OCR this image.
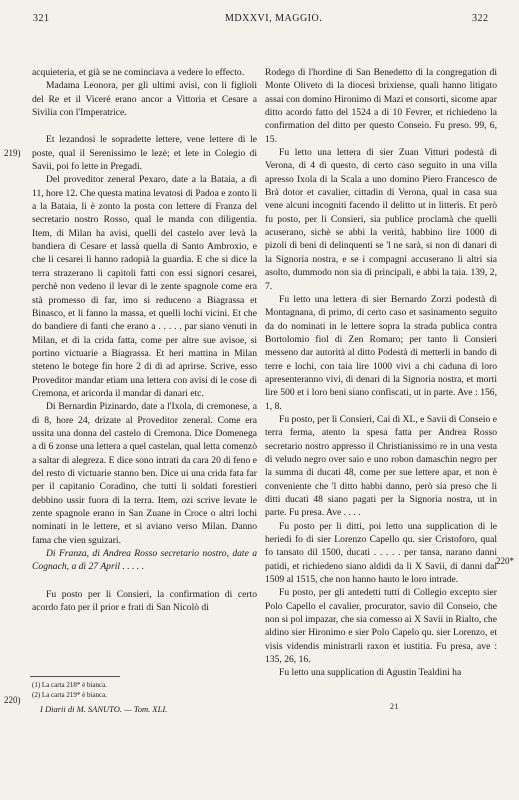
321	MDXXVI, MAGGIO.	322
219)
220)
220*

acquieteria, et già se ne cominciava a vedere lo effecto.

Madama Leonora, per gli ultimi avisi, con li figlioli del Re et il Viceré erano ancor a Vittoria et Cesare a Sivilia con l'Imperatrice.

Et lezandosi le sopradette lettere, vene lettere di le poste, qual il Serenissimo le lezè; et lete in Colegio di Savii, poi fo lette in Pregadi.

Del proveditor zeneral Pexaro, date a la Bataia, a dì 11, hore 12. Che questa matina levatosi di Padoa e zonto lì a la Bataia, li è zonto la posta con lettere di Franza del secretario nostro Rosso, qual le manda con diligentia. Item, di Milan ha avisi, quelli del castelo aver levà la bandiera di Cesare et lassà quella di Santo Ambroxio, e che li cesarei li hanno radopià la guardia. E che si dice la terra strazerano li capitoli fatti con essi signori cesarei, perchè non vedeno il levar di le zente spagnole come era stà promesso di far, imo si reduceno a Biagrassa et Binasco, et li fanno la massa, et quelli lochi vicini. Et che do bandiere di fanti che erano a . . . . . par siano venuti in Milan, et di la crida fatta, come per altre sue avisoe, si portino victuarie a Biagrassa. Et heri mattina in Milan steteno le botege fin hore 2 di dì ad aprirse. Scrive, esso Proveditor mandar etiam una lettera con avisi di le cose di Cremona, et aricorda il mandar di danari etc.

Di Bernardin Pizinardo, date a l'Ixola, di cremonese, a dì 8, hore 24, drizate al Proveditor zeneral. Come era ussita una donna del castelo di Cremona. Dice Domenega a dì 6 zonse una lettera a quel castelan, qual letta comenzò a saltar di alegreza. E dice sono intrati da cara 20 di feno e del resto di victuarie stanno ben. Dice ui una crida fata far per il capitanio Coradino, che tutti li soldati forestieri debbino ussir fuora di la terra. Item, ozi scrive levate le zente spagnole erano in San Zuane in Croce o altri lochi nominati in le lettere, et si aviano verso Milan. Danno fama che vien sguizari.

Di Franza, di Andrea Rosso secretario nostro, date a Cognach, a dì 27 April . . . . .

Fu posto per li Consieri, la confirmation di certo acordo fato per il prior e frati di San Nicolò di

(1) La carta 218* è bianca.
(2) La carta 219* è bianca.
I Diarii di M. SANUTO. — Tom. XLI.

Rodego di l'hordine di San Benedetto di la congregation di Monte Oliveto di la diocesi brixiense, quali hanno litigato assai con domino Hironimo di Mazi et consorti, sicome apar ditto acordo fatto del 1524 a dì 10 Fevrer, et richiedeno la confirmation del ditto per questo Conseio. Fu preso. 99, 6, 15.

Fu letto una lettera di sier Zuan Vitturi podestà di Verona, di 4 di questo, di certo caso seguito in una villa apresso Ixola di la Scala a uno domino Piero Francesco de Brà dotor et cavalier, cittadin di Verona, qual in casa sua vene alcuni incogniti facendo il delitto ut in litteris. Et però fu posto, per li Consieri, sia publice proclamà che quelli acuserano, sichè se abbi la verità, habbino lire 1000 di pizoli di beni di delinquenti se 'l ne sarà, si non di danari di la Signoria nostra, e se i compagni accuserano li altri sia asolto, dummodo non sia di principali, e abbi la taia. 139, 2, 7.

Fu letto una lettera di sier Bernardo Zorzi podestà di Montagnana, di primo, di certo caso et sasinamento seguito da do nominati in le lettere sopra la strada publica contra Bortolomio fiol di Zen Romaro; per tanto li Consieri messeno dar autorità al ditto Podestà di metterli in bando di terre e lochi, con taia lire 1000 vivi a chi caduna di loro apresenteranno vivi, di denari di la Signoria nostra, et morti lire 500 et i loro beni siano confiscati, ut in parte. Ave : 156, 1, 8.

Fu posto, per li Consieri, Cai di XL, e Savii di Conseio e terra ferma, atento la spesa fatta per Andrea Rosso secretario nostro appresso il Christianissimo re in una vesta di veludo negro over saio e uno robon damaschin negro per la summa di ducati 48, come per sue lettere apar, et non è conveniente che 'l ditto habbi danno, però sia preso che li ditti ducati 48 siano pagati per la Signoria nostra, ut in parte. Fu presa. Ave . . . .

Fu posto per li ditti, poi letto una supplication di le heriedi fo di sier Lorenzo Capello qu. sier Cristoforo, qual fo tansato dil 1500, ducati . . . . . per tansa, narano danni patidi, et richiedeno siano aldidi da li X Savii, di danni dal 1509 al 1515, che non hanno hauto le loro intrade.

Fu posto, per gli antedetti tutti di Collegio excepto sier Polo Capello el cavalier, procurator, savio dil Conseio, che non si pol impazar, che sia comesso ai X Savii in Rialto, che aldino sier Hironimo e sier Polo Capelo qu. sier Lorenzo, et visis videndis ministrarli raxon et iustitia. Fu presa, ave : 135, 26, 16.

Fu letto una supplication di Agustin Tealdini ha

21
